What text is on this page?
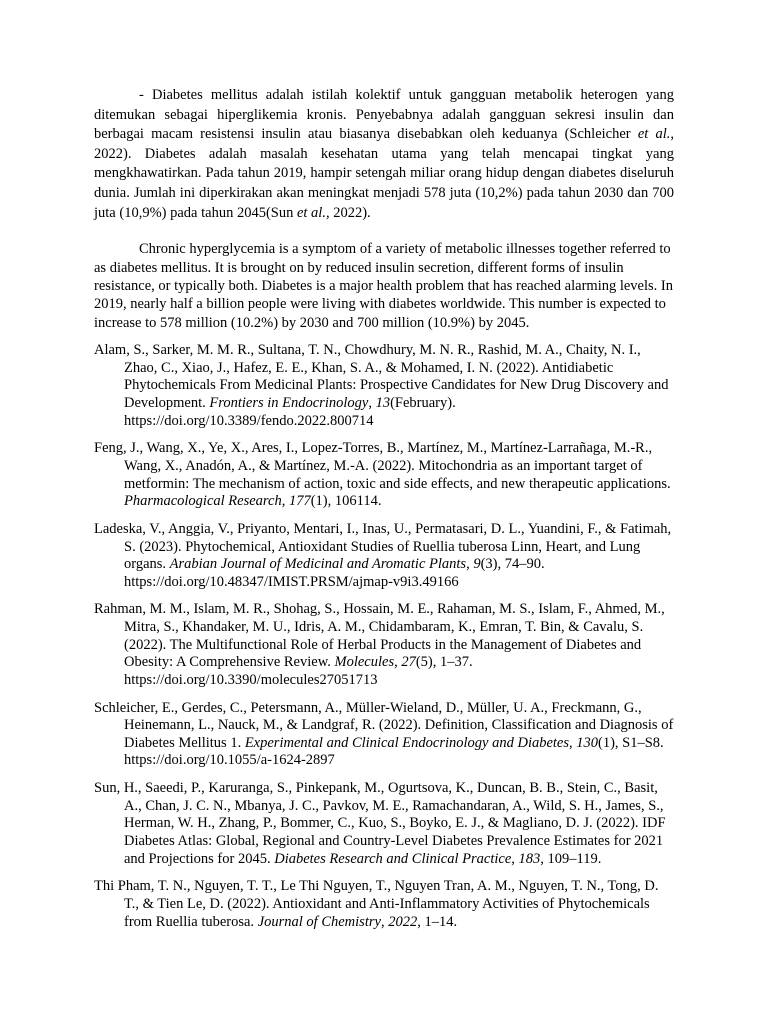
- Diabetes mellitus adalah istilah kolektif untuk gangguan metabolik heterogen yang ditemukan sebagai hiperglikemia kronis. Penyebabnya adalah gangguan sekresi insulin dan berbagai macam resistensi insulin atau biasanya disebabkan oleh keduanya (Schleicher et al., 2022). Diabetes adalah masalah kesehatan utama yang telah mencapai tingkat yang mengkhawatirkan. Pada tahun 2019, hampir setengah miliar orang hidup dengan diabetes diseluruh dunia. Jumlah ini diperkirakan akan meningkat menjadi 578 juta (10,2%) pada tahun 2030 dan 700 juta (10,9%) pada tahun 2045(Sun et al., 2022).

Chronic hyperglycemia is a symptom of a variety of metabolic illnesses together referred to as diabetes mellitus. It is brought on by reduced insulin secretion, different forms of insulin resistance, or typically both. Diabetes is a major health problem that has reached alarming levels. In 2019, nearly half a billion people were living with diabetes worldwide. This number is expected to increase to 578 million (10.2%) by 2030 and 700 million (10.9%) by 2045.

Alam, S., Sarker, M. M. R., Sultana, T. N., Chowdhury, M. N. R., Rashid, M. A., Chaity, N. I., Zhao, C., Xiao, J., Hafez, E. E., Khan, S. A., & Mohamed, I. N. (2022). Antidiabetic Phytochemicals From Medicinal Plants: Prospective Candidates for New Drug Discovery and Development. Frontiers in Endocrinology, 13(February). https://doi.org/10.3389/fendo.2022.800714

Feng, J., Wang, X., Ye, X., Ares, I., Lopez-Torres, B., Martínez, M., Martínez-Larrañaga, M.-R., Wang, X., Anadón, A., & Martínez, M.-A. (2022). Mitochondria as an important target of metformin: The mechanism of action, toxic and side effects, and new therapeutic applications. Pharmacological Research, 177(1), 106114.

Ladeska, V., Anggia, V., Priyanto, Mentari, I., Inas, U., Permatasari, D. L., Yuandini, F., & Fatimah, S. (2023). Phytochemical, Antioxidant Studies of Ruellia tuberosa Linn, Heart, and Lung organs. Arabian Journal of Medicinal and Aromatic Plants, 9(3), 74–90. https://doi.org/10.48347/IMIST.PRSM/ajmap-v9i3.49166

Rahman, M. M., Islam, M. R., Shohag, S., Hossain, M. E., Rahaman, M. S., Islam, F., Ahmed, M., Mitra, S., Khandaker, M. U., Idris, A. M., Chidambaram, K., Emran, T. Bin, & Cavalu, S. (2022). The Multifunctional Role of Herbal Products in the Management of Diabetes and Obesity: A Comprehensive Review. Molecules, 27(5), 1–37. https://doi.org/10.3390/molecules27051713

Schleicher, E., Gerdes, C., Petersmann, A., Müller-Wieland, D., Müller, U. A., Freckmann, G., Heinemann, L., Nauck, M., & Landgraf, R. (2022). Definition, Classification and Diagnosis of Diabetes Mellitus 1. Experimental and Clinical Endocrinology and Diabetes, 130(1), S1–S8. https://doi.org/10.1055/a-1624-2897

Sun, H., Saeedi, P., Karuranga, S., Pinkepank, M., Ogurtsova, K., Duncan, B. B., Stein, C., Basit, A., Chan, J. C. N., Mbanya, J. C., Pavkov, M. E., Ramachandaran, A., Wild, S. H., James, S., Herman, W. H., Zhang, P., Bommer, C., Kuo, S., Boyko, E. J., & Magliano, D. J. (2022). IDF Diabetes Atlas: Global, Regional and Country-Level Diabetes Prevalence Estimates for 2021 and Projections for 2045. Diabetes Research and Clinical Practice, 183, 109–119.

Thi Pham, T. N., Nguyen, T. T., Le Thi Nguyen, T., Nguyen Tran, A. M., Nguyen, T. N., Tong, D. T., & Tien Le, D. (2022). Antioxidant and Anti-Inflammatory Activities of Phytochemicals from Ruellia tuberosa. Journal of Chemistry, 2022, 1–14.
